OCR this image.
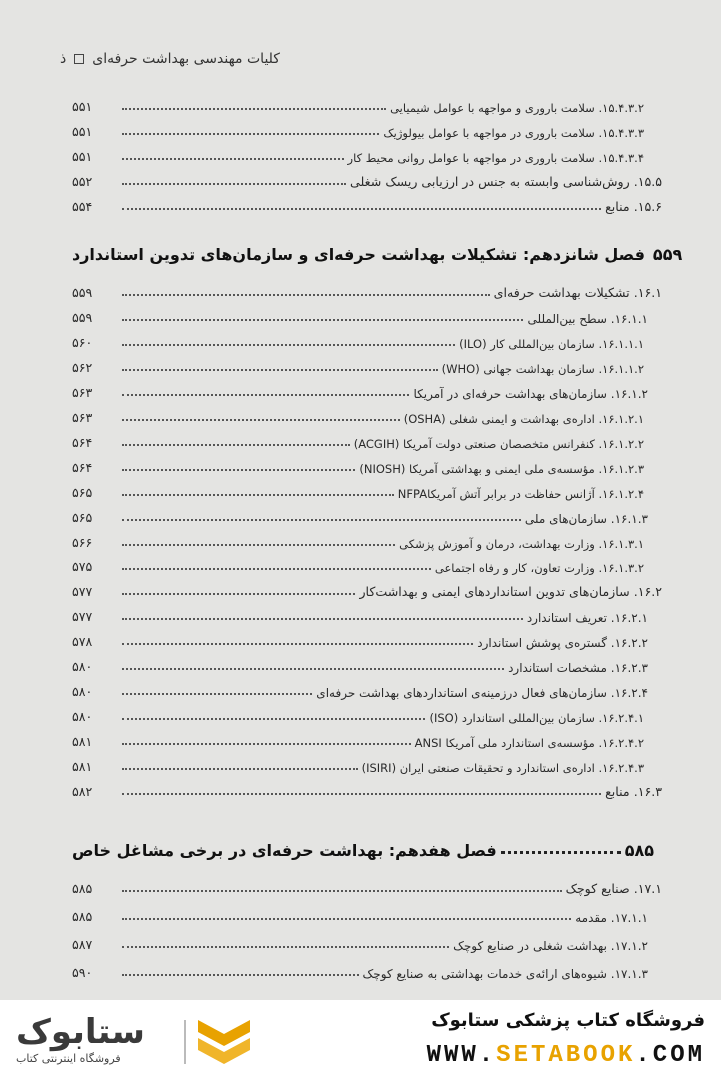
کلیات مهندسی بهداشت حرفه‌ای
ذ
۱۵.۴.۳.۲. سلامت باروری و مواجهه با عوامل شیمیایی
۵۵۱
۱۵.۴.۳.۳. سلامت باروری در مواجهه با عوامل بیولوژیک
۵۵۱
۱۵.۴.۳.۴. سلامت باروری در مواجهه با عوامل روانی محیط کار
۵۵۱
۱۵.۵. روش‌شناسی وابسته به جنس در ارزیابی ریسک شغلی
۵۵۲
۱۵.۶. منابع
۵۵۴
فصل شانزدهم: تشکیلات بهداشت حرفه‌ای و سازمان‌های تدوین استاندارد ۵۵۹
۱۶.۱. تشکیلات بهداشت حرفه‌ای
۵۵۹
۱۶.۱.۱. سطح بین‌المللی
۵۵۹
۱۶.۱.۱.۱. سازمان بین‌المللی کار (ILO)
۵۶۰
۱۶.۱.۱.۲. سازمان بهداشت جهانی (WHO)
۵۶۲
۱۶.۱.۲. سازمان‌های بهداشت حرفه‌ای در آمریکا
۵۶۳
۱۶.۱.۲.۱. اداره‌ی بهداشت و ایمنی شغلی (OSHA)
۵۶۳
۱۶.۱.۲.۲. کنفرانس متخصصان صنعتی دولت آمریکا (ACGIH)
۵۶۴
۱۶.۱.۲.۳. مؤسسه‌ی ملی ایمنی و بهداشتی آمریکا (NIOSH)
۵۶۴
۱۶.۱.۲.۴. آژانس حفاظت در برابر آتش آمریکاNFPA
۵۶۵
۱۶.۱.۳. سازمان‌های ملی
۵۶۵
۱۶.۱.۳.۱. وزارت بهداشت، درمان و آموزش پزشکی
۵۶۶
۱۶.۱.۳.۲. وزارت تعاون، کار و رفاه اجتماعی
۵۷۵
۱۶.۲. سازمان‌های تدوین استانداردهای ایمنی و بهداشت‌کار
۵۷۷
۱۶.۲.۱. تعریف استاندارد
۵۷۷
۱۶.۲.۲. گستره‌ی پوشش استاندارد
۵۷۸
۱۶.۲.۳. مشخصات استاندارد
۵۸۰
۱۶.۲.۴. سازمان‌های فعال درزمینه‌ی استانداردهای بهداشت حرفه‌ای
۵۸۰
۱۶.۲.۴.۱. سازمان بین‌المللی استاندارد (ISO)
۵۸۰
۱۶.۲.۴.۲. مؤسسه‌ی استاندارد ملی آمریکا ANSI
۵۸۱
۱۶.۲.۴.۳. اداره‌ی استاندارد و تحقیقات صنعتی ایران (ISIRI)
۵۸۱
۱۶.۳. منابع
۵۸۲
فصل هفدهم: بهداشت حرفه‌ای در برخی مشاغل خاص	۵۸۵
۱۷.۱. صنایع کوچک
۵۸۵
۱۷.۱.۱. مقدمه
۵۸۵
۱۷.۱.۲. بهداشت شغلی در صنایع کوچک
۵۸۷
۱۷.۱.۳. شیوه‌های ارائه‌ی خدمات بهداشتی به صنایع کوچک
۵۹۰
ستابوک
فروشگاه اینترنتی کتاب
فروشگاه کتاب پزشکی ستابوک
WWW.SETABOOK.COM
